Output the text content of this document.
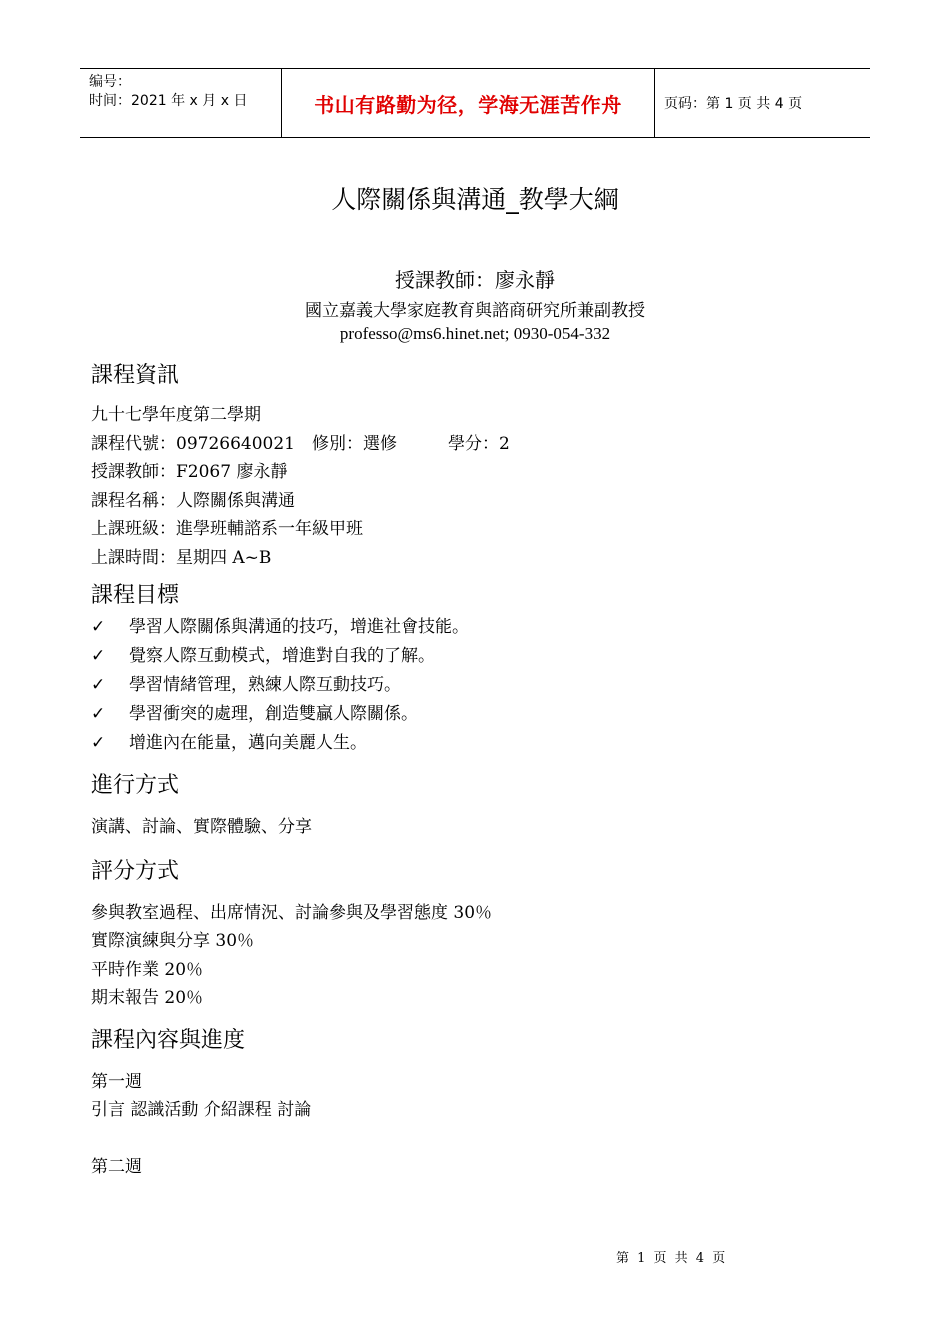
编号：
时间：2021 年 x 月 x 日	书山有路勤为径，学海无涯苦作舟	页码：第 1 页 共 4 页
人際關係與溝通_教學大綱
授課教師：廖永靜
國立嘉義大學家庭教育與諮商研究所兼副教授
professo@ms6.hinet.net; 0930-054-332
課程資訊
九十七學年度第二學期
課程代號：09726640021　修別：選修　　　學分：2
授課教師：F2067 廖永靜
課程名稱：人際關係與溝通
上課班級：進學班輔諮系一年級甲班
上課時間：星期四 A~B
課程目標
✓	學習人際關係與溝通的技巧，增進社會技能。
✓	覺察人際互動模式，增進對自我的了解。
✓	學習情緒管理，熟練人際互動技巧。
✓	學習衝突的處理，創造雙贏人際關係。
✓	增進內在能量，邁向美麗人生。
進行方式
演講、討論、實際體驗、分享
評分方式
參與教室過程、出席情況、討論參與及學習態度 30％
實際演練與分享 30％
平時作業 20％
期末報告 20％
課程內容與進度
第一週
引言 認識活動 介紹課程 討論
第二週
第 1 页 共 4 页
